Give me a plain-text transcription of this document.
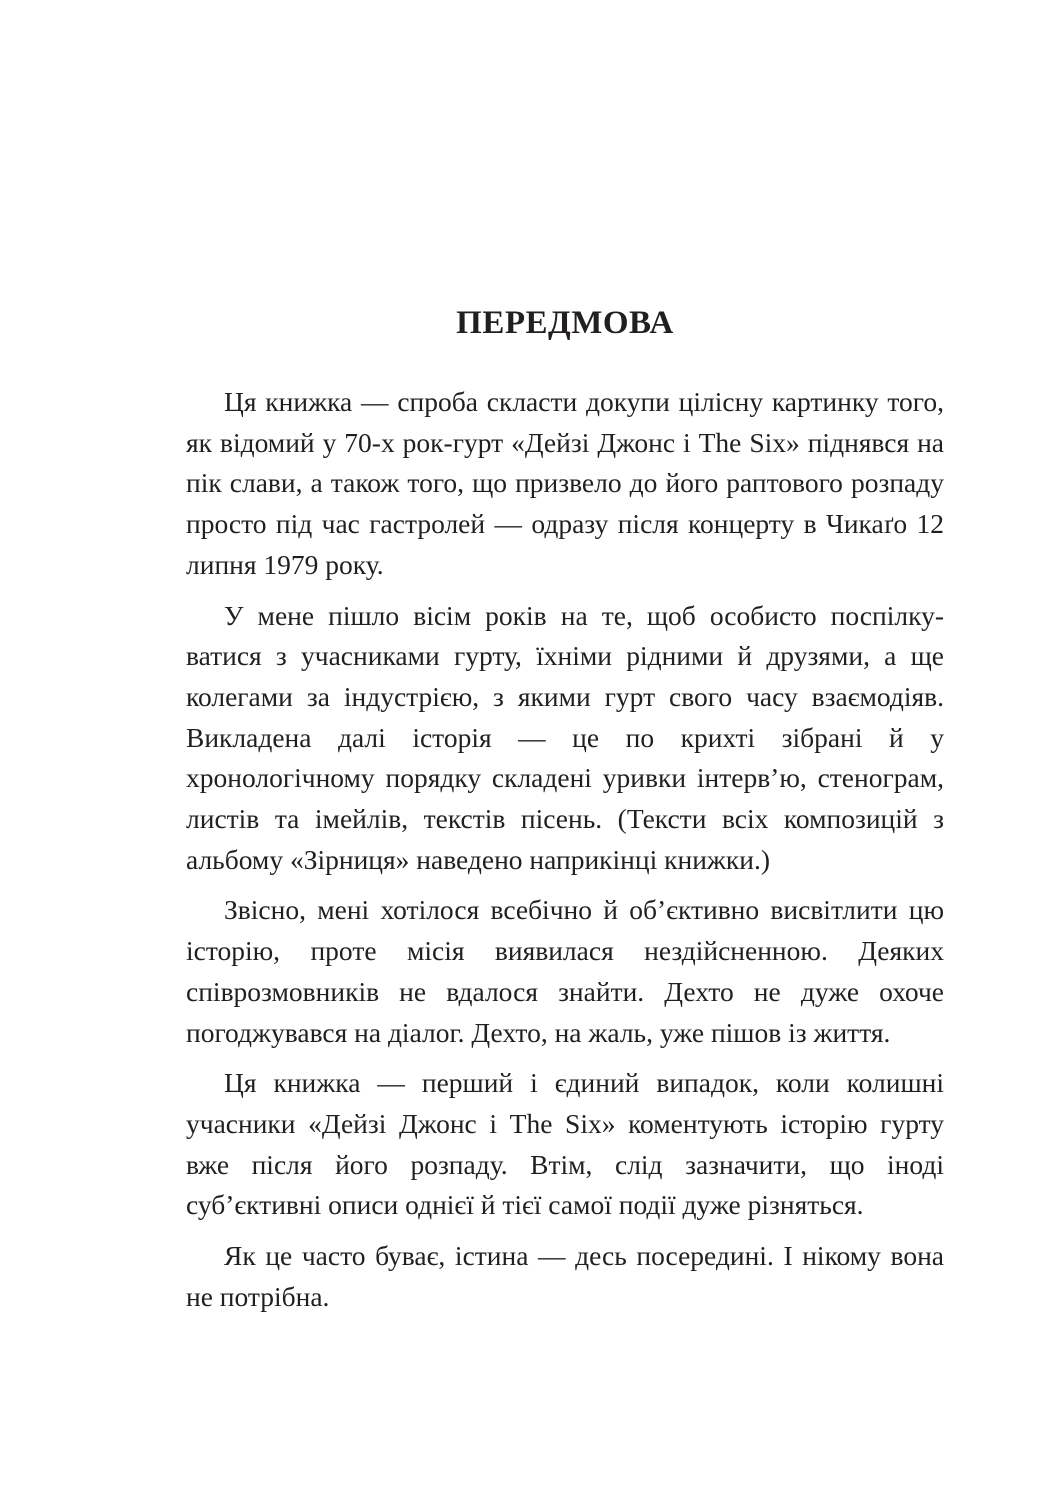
ПЕРЕДМОВА

Ця книжка — спроба скласти докупи цілісну картинку того, як відомий у 70-х рок-гурт «Дейзі Джонс і The Six» піднявся на пік слави, а також того, що призвело до його раптового розпаду просто під час гастролей — одразу після концерту в Чикаґо 12 липня 1979 року.

У мене пішло вісім років на те, щоб особисто поспілкуватися з учасниками гурту, їхніми рідними й друзями, а ще колегами за індустрією, з якими гурт свого часу взаємодіяв. Викладена далі історія — це по крихті зібрані й у хронологічному порядку складені уривки інтерв’ю, стенограм, листів та імейлів, текстів пісень. (Тексти всіх композицій з альбому «Зірниця» наведено наприкінці книжки.)

Звісно, мені хотілося всебічно й об’єктивно висвітлити цю історію, проте місія виявилася нездійсненною. Деяких співрозмовників не вдалося знайти. Дехто не дуже охоче погоджувався на діалог. Дехто, на жаль, уже пішов із життя.

Ця книжка — перший і єдиний випадок, коли колишні учасники «Дейзі Джонс і The Six» коментують історію гурту вже після його розпаду. Втім, слід зазначити, що іноді суб’єктивні описи однієї й тієї самої події дуже різняться.

Як це часто буває, істина — десь посередині. І нікому вона не потрібна.
